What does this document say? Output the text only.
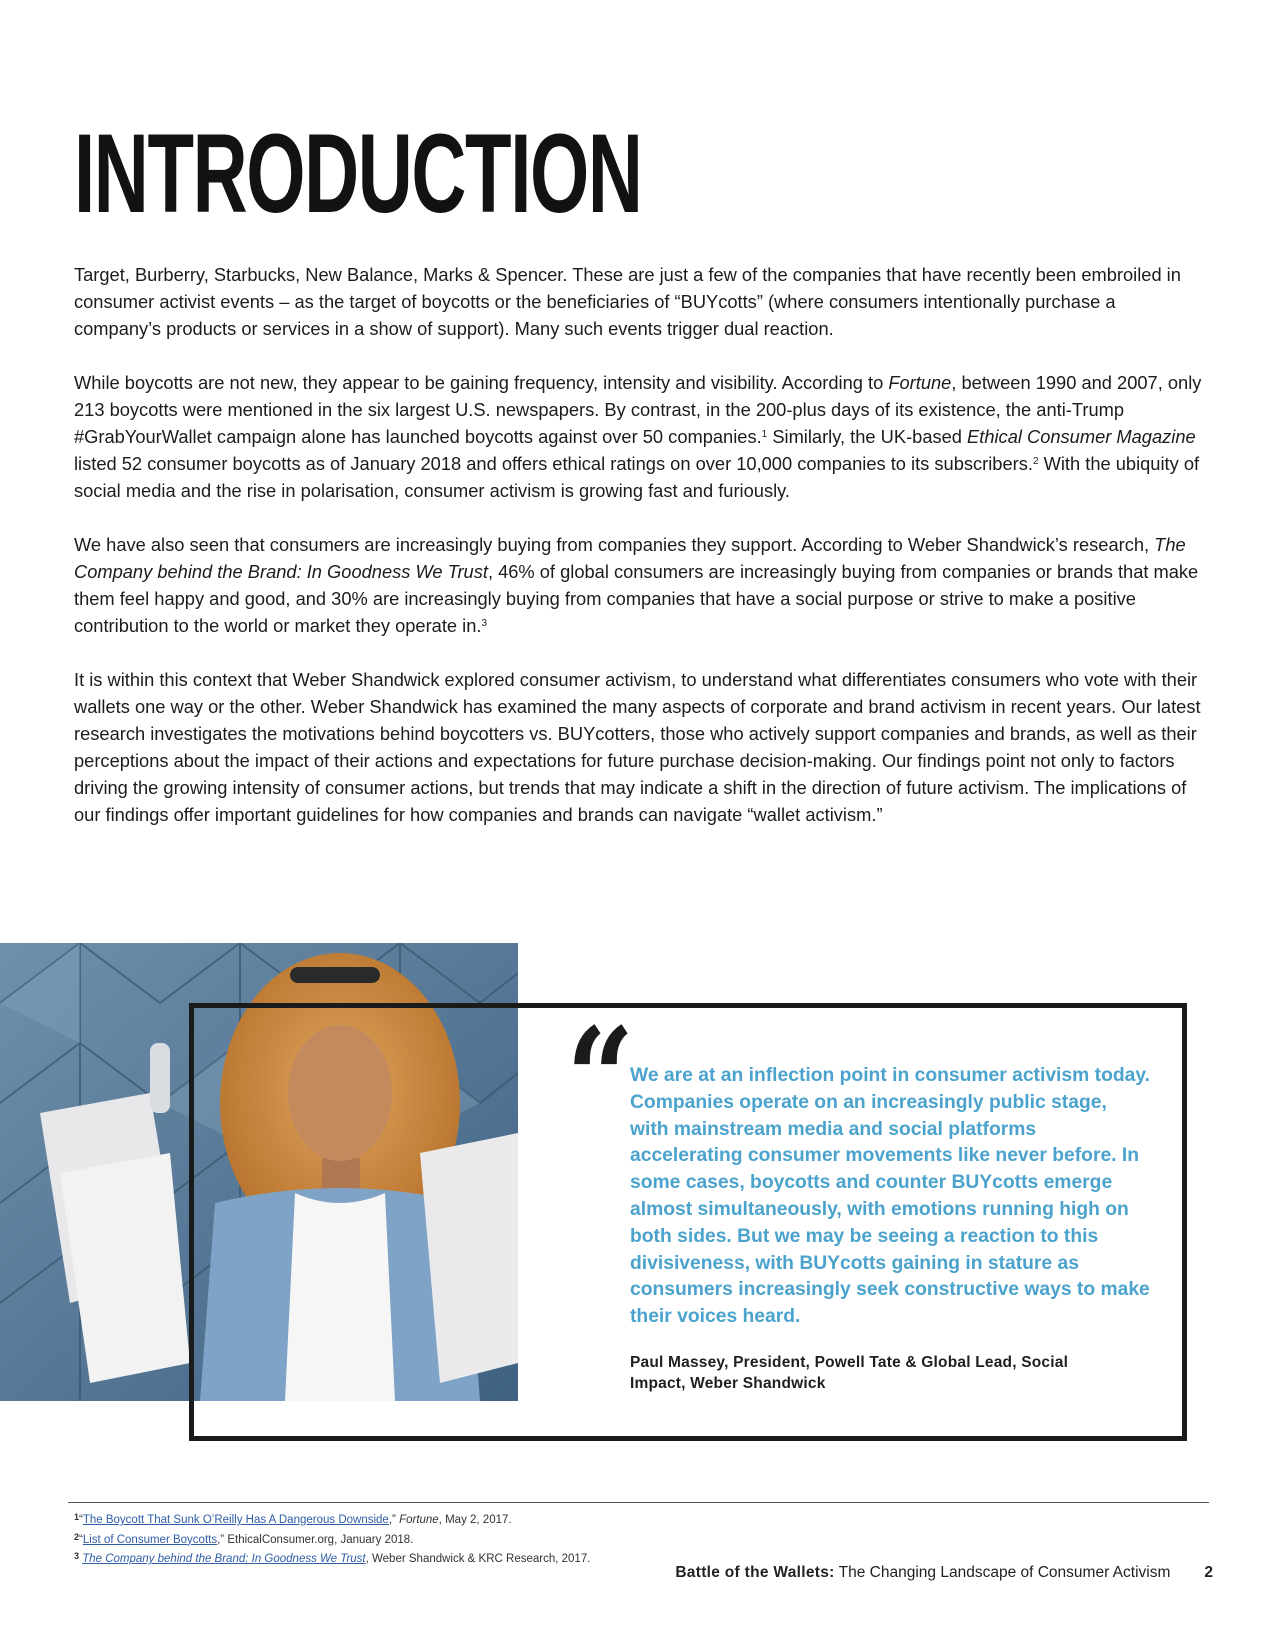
INTRODUCTION

Target, Burberry, Starbucks, New Balance, Marks & Spencer. These are just a few of the companies that have recently been embroiled in consumer activist events – as the target of boycotts or the beneficiaries of “BUYcotts” (where consumers intentionally purchase a company’s products or services in a show of support). Many such events trigger dual reaction.

While boycotts are not new, they appear to be gaining frequency, intensity and visibility. According to Fortune, between 1990 and 2007, only 213 boycotts were mentioned in the six largest U.S. newspapers. By contrast, in the 200-plus days of its existence, the anti-Trump #GrabYourWallet campaign alone has launched boycotts against over 50 companies.$^1$ Similarly, the UK-based Ethical Consumer Magazine listed 52 consumer boycotts as of January 2018 and offers ethical ratings on over 10,000 companies to its subscribers.$^2$ With the ubiquity of social media and the rise in polarisation, consumer activism is growing fast and furiously.

We have also seen that consumers are increasingly buying from companies they support. According to Weber Shandwick’s research, The Company behind the Brand: In Goodness We Trust, 46% of global consumers are increasingly buying from companies or brands that make them feel happy and good, and 30% are increasingly buying from companies that have a social purpose or strive to make a positive contribution to the world or market they operate in.$^3$

It is within this context that Weber Shandwick explored consumer activism, to understand what differentiates consumers who vote with their wallets one way or the other. Weber Shandwick has examined the many aspects of corporate and brand activism in recent years. Our latest research investigates the motivations behind boycotters vs. BUYcotters, those who actively support companies and brands, as well as their perceptions about the impact of their actions and expectations for future purchase decision-making. Our findings point not only to factors driving the growing intensity of consumer actions, but trends that may indicate a shift in the direction of future activism. The implications of our findings offer important guidelines for how companies and brands can navigate “wallet activism.”

“
We are at an inflection point in consumer activism today. Companies operate on an increasingly public stage, with mainstream media and social platforms accelerating consumer movements like never before. In some cases, boycotts and counter BUYcotts emerge almost simultaneously, with emotions running high on both sides. But we may be seeing a reaction to this divisiveness, with BUYcotts gaining in stature as consumers increasingly seek constructive ways to make their voices heard.
Paul Massey, President, Powell Tate & Global Lead, Social Impact, Weber Shandwick
$^1$“The Boycott That Sunk O’Reilly Has A Dangerous Downside,” Fortune, May 2, 2017.
$^2$“List of Consumer Boycotts,” EthicalConsumer.org, January 2018.
$^3$ The Company behind the Brand: In Goodness We Trust, Weber Shandwick & KRC Research, 2017.
Battle of the Wallets: The Changing Landscape of Consumer Activism 2
